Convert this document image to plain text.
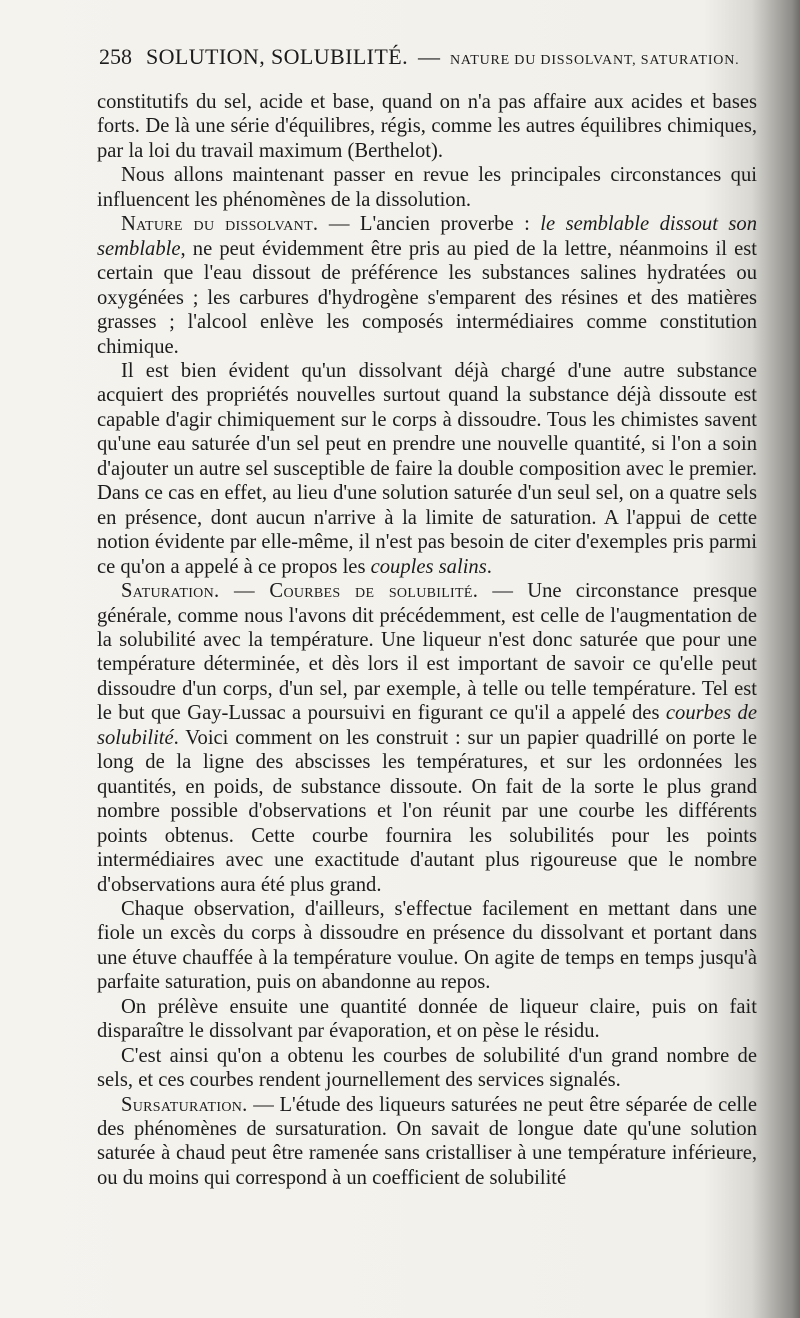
258 SOLUTION, SOLUBILITÉ. — NATURE DU DISSOLVANT, SATURATION.

constitutifs du sel, acide et base, quand on n'a pas affaire aux acides et bases forts. De là une série d'équilibres, régis, comme les autres équilibres chimiques, par la loi du travail maximum (Berthelot).

Nous allons maintenant passer en revue les principales circonstances qui influencent les phénomènes de la dissolution.

Nature du dissolvant. — L'ancien proverbe : le semblable dissout son semblable, ne peut évidemment être pris au pied de la lettre, néanmoins il est certain que l'eau dissout de préférence les substances salines hydratées ou oxygénées ; les carbures d'hydrogène s'emparent des résines et des matières grasses ; l'alcool enlève les composés intermédiaires comme constitution chimique.

Il est bien évident qu'un dissolvant déjà chargé d'une autre substance acquiert des propriétés nouvelles surtout quand la substance déjà dissoute est capable d'agir chimiquement sur le corps à dissoudre. Tous les chimistes savent qu'une eau saturée d'un sel peut en prendre une nouvelle quantité, si l'on a soin d'ajouter un autre sel susceptible de faire la double composition avec le premier. Dans ce cas en effet, au lieu d'une solution saturée d'un seul sel, on a quatre sels en présence, dont aucun n'arrive à la limite de saturation. A l'appui de cette notion évidente par elle-même, il n'est pas besoin de citer d'exemples pris parmi ce qu'on a appelé à ce propos les couples salins.

Saturation. — Courbes de solubilité. — Une circonstance presque générale, comme nous l'avons dit précédemment, est celle de l'augmentation de la solubilité avec la température. Une liqueur n'est donc saturée que pour une température déterminée, et dès lors il est important de savoir ce qu'elle peut dissoudre d'un corps, d'un sel, par exemple, à telle ou telle température. Tel est le but que Gay-Lussac a poursuivi en figurant ce qu'il a appelé des courbes de solubilité. Voici comment on les construit : sur un papier quadrillé on porte le long de la ligne des abscisses les températures, et sur les ordonnées les quantités, en poids, de substance dissoute. On fait de la sorte le plus grand nombre possible d'observations et l'on réunit par une courbe les différents points obtenus. Cette courbe fournira les solubilités pour les points intermédiaires avec une exactitude d'autant plus rigoureuse que le nombre d'observations aura été plus grand.

Chaque observation, d'ailleurs, s'effectue facilement en mettant dans une fiole un excès du corps à dissoudre en présence du dissolvant et portant dans une étuve chauffée à la température voulue. On agite de temps en temps jusqu'à parfaite saturation, puis on abandonne au repos.

On prélève ensuite une quantité donnée de liqueur claire, puis on fait disparaître le dissolvant par évaporation, et on pèse le résidu.

C'est ainsi qu'on a obtenu les courbes de solubilité d'un grand nombre de sels, et ces courbes rendent journellement des services signalés.

Sursaturation. — L'étude des liqueurs saturées ne peut être séparée de celle des phénomènes de sursaturation. On savait de longue date qu'une solution saturée à chaud peut être ramenée sans cristalliser à une température inférieure, ou du moins qui correspond à un coefficient de solubilité
